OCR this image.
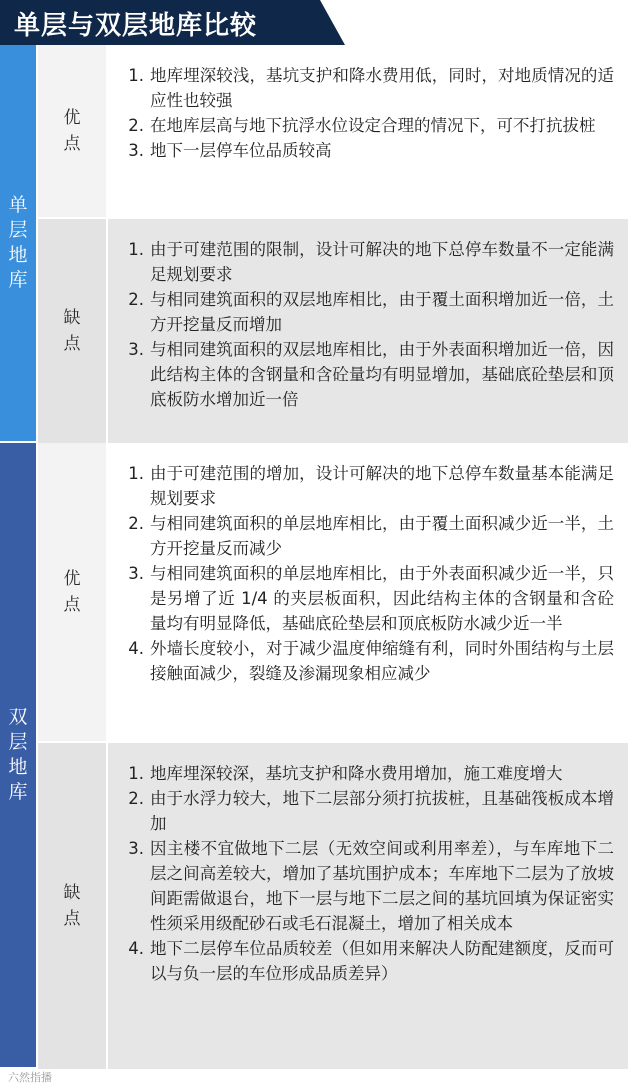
单层与双层地库比较
单层地库
优点
1. 地库埋深较浅，基坑支护和降水费用低，同时，对地质情况的适应性也较强
2. 在地库层高与地下抗浮水位设定合理的情况下，可不打抗拔桩
3. 地下一层停车位品质较高
缺点
1. 由于可建范围的限制，设计可解决的地下总停车数量不一定能满足规划要求
2. 与相同建筑面积的双层地库相比，由于覆土面积增加近一倍，土方开挖量反而增加
3. 与相同建筑面积的双层地库相比，由于外表面积增加近一倍，因此结构主体的含钢量和含砼量均有明显增加，基础底砼垫层和顶底板防水增加近一倍
双层地库
优点
1. 由于可建范围的增加，设计可解决的地下总停车数量基本能满足规划要求
2. 与相同建筑面积的单层地库相比，由于覆土面积减少近一半，土方开挖量反而减少
3. 与相同建筑面积的单层地库相比，由于外表面积减少近一半，只是另增了近 1/4 的夹层板面积，因此结构主体的含钢量和含砼量均有明显降低，基础底砼垫层和顶底板防水减少近一半
4. 外墙长度较小，对于减少温度伸缩缝有利，同时外围结构与土层接触面减少，裂缝及渗漏现象相应减少
缺点
1. 地库埋深较深，基坑支护和降水费用增加，施工难度增大
2. 由于水浮力较大，地下二层部分须打抗拔桩，且基础筏板成本增加
3. 因主楼不宜做地下二层（无效空间或利用率差），与车库地下二层之间高差较大，增加了基坑围护成本；车库地下二层为了放坡间距需做退台，地下一层与地下二层之间的基坑回填为保证密实性须采用级配砂石或毛石混凝土，增加了相关成本
4. 地下二层停车位品质较差（但如用来解决人防配建额度，反而可以与负一层的车位形成品质差异）
六然指播
